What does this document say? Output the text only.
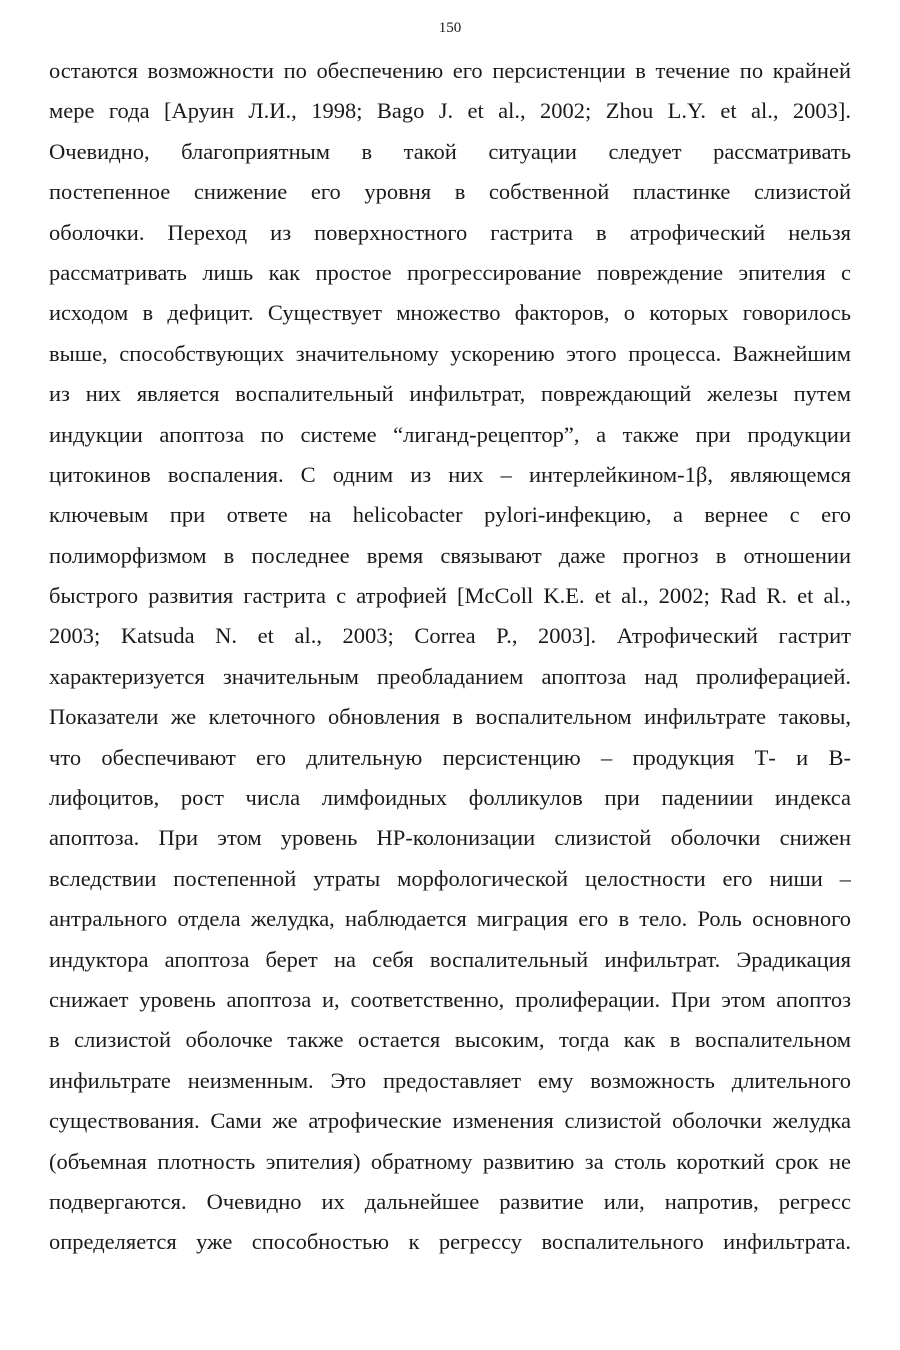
150
остаются возможности по обеспечению его персистенции в течение по крайней
мере года [Аруин Л.И., 1998; Bago J. et al., 2002; Zhou L.Y. et al., 2003].
Очевидно, благоприятным в такой ситуации следует рассматривать
постепенное снижение его уровня в собственной пластинке слизистой
оболочки. Переход из поверхностного гастрита в атрофический нельзя
рассматривать лишь как простое прогрессирование повреждение эпителия с
исходом в дефицит. Существует множество факторов, о которых говорилось
выше, способствующих значительному ускорению этого процесса. Важнейшим
из них является воспалительный инфильтрат, повреждающий железы путем
индукции апоптоза по системе “лиганд-рецептор”, а также при продукции
цитокинов воспаления. С одним из них – интерлейкином-1β, являющемся
ключевым при ответе на helicobacter pylori-инфекцию, а вернее с его
полиморфизмом в последнее время связывают даже прогноз в отношении
быстрого развития гастрита с атрофией [McColl K.E. et al., 2002; Rad R. et al.,
2003; Katsuda N. et al., 2003; Correa P., 2003]. Атрофический гастрит
характеризуется значительным преобладанием апоптоза над пролиферацией.
Показатели же клеточного обновления в воспалительном инфильтрате таковы,
что обеспечивают его длительную персистенцию – продукция Т- и В-
лифоцитов, рост числа лимфоидных фолликулов при падениии индекса
апоптоза. При этом уровень НР-колонизации слизистой оболочки снижен
вследствии постепенной утраты морфологической целостности его ниши –
антрального отдела желудка, наблюдается миграция его в тело. Роль основного
индуктора апоптоза берет на себя воспалительный инфильтрат. Эрадикация
снижает уровень апоптоза и, соответственно, пролиферации. При этом апоптоз
в слизистой оболочке также остается высоким, тогда как в воспалительном
инфильтрате неизменным. Это предоставляет ему возможность длительного
существования. Сами же атрофические изменения слизистой оболочки желудка
(объемная плотность эпителия) обратному развитию за столь короткий срок не
подвергаются. Очевидно их дальнейшее развитие или, напротив, регресс
определяется уже способностью к регрессу воспалительного инфильтрата.
